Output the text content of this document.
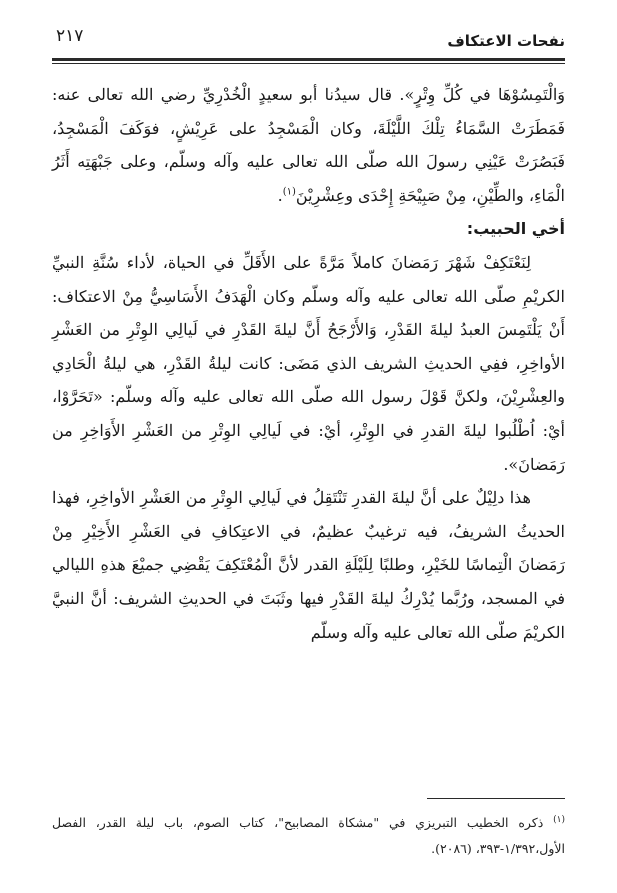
نفحات الاعتكاف
٢١٧

وَالْتَمِسُوْهَا في كُلِّ وِتْرٍ». قال سيدُنا أبو سعيدٍ الْخُدْرِيِّ رضي الله تعالى عنه: فَمَطَرَتْ السَّمَاءُ تِلْكَ اللَّيْلَةَ، وكان الْمَسْجِدُ على عَرِيْشٍ، فوَكَفَ الْمَسْجِدُ، فَبَصُرَتْ عَيْنِي رسولَ الله صلّى الله تعالى عليه وآله وسلّم، وعلى جَبْهَتِه أَثَرُ الْمَاءِ، والطِّيْنِ، مِنْ صَبِيْحَةِ إِحْدَى وعِشْرِيْنَ$^{(١)}$.

أخي الحبيب:

لِنَعْتَكِفْ شَهْرَ رَمَضانَ كاملاً مَرَّةً على الأَقَلِّ في الحياة، لأداء سُنَّةِ النبيِّ الكريْمِ صلّى الله تعالى عليه وآله وسلّم وكان الْهَدَفُ الأَسَاسِيُّ مِنْ الاعتكاف: أَنْ يَلْتَمِسَ العبدُ ليلةَ القَدْرِ، وَالأَرْجَحُ أَنَّ ليلةَ القَدْرِ في لَيالِي الوِتْرِ من العَشْرِ الأواخِرِ، ففِي الحديثِ الشريف الذي مَضَى: كانت ليلةُ القَدْرِ، هي ليلةُ الْحَادِي والعِشْرِيْنَ، ولكنَّ قَوْلَ رسول الله صلّى الله تعالى عليه وآله وسلّم: «تَحَرَّوْا، أيْ: اُطْلُبوا ليلةَ القدرِ في الوِتْرِ، أيْ: في لَيالِي الوِتْرِ من العَشْرِ الأَوَاخِرِ من رَمَضانَ».

هذا دلِيْلٌ على أنَّ ليلةَ القدرِ تَنْتَقِلُ في لَيالِي الوِتْرِ من العَشْرِ الأواخِرِ، فهذا الحديثُ الشريفُ، فيه ترغيبٌ عظيمٌ، في الاعتِكافِ في العَشْرِ الأَخِيْرِ مِنْ رَمَضانَ الْتِماسًا للخَيْرِ، وطلبًا لِلَيْلَةِ القدر لأنَّ الْمُعْتَكِفَ يَقْضِي جميْعَ هذهِ الليالي في المسجد، ورُبَّما يُدْرِكُ ليلةَ القَدْرِ فيها وثَبَتَ في الحديثِ الشريف: أنَّ النبيَّ الكريْمَ صلّى الله تعالى عليه وآله وسلّم

$^{(١)}$ ذكره الخطيب التبريزي في "مشكاة المصابيح"، كتاب الصوم، باب ليلة القدر، الفصل الأول،١/٣٩٢-٣٩٣، (٢٠٨٦).
